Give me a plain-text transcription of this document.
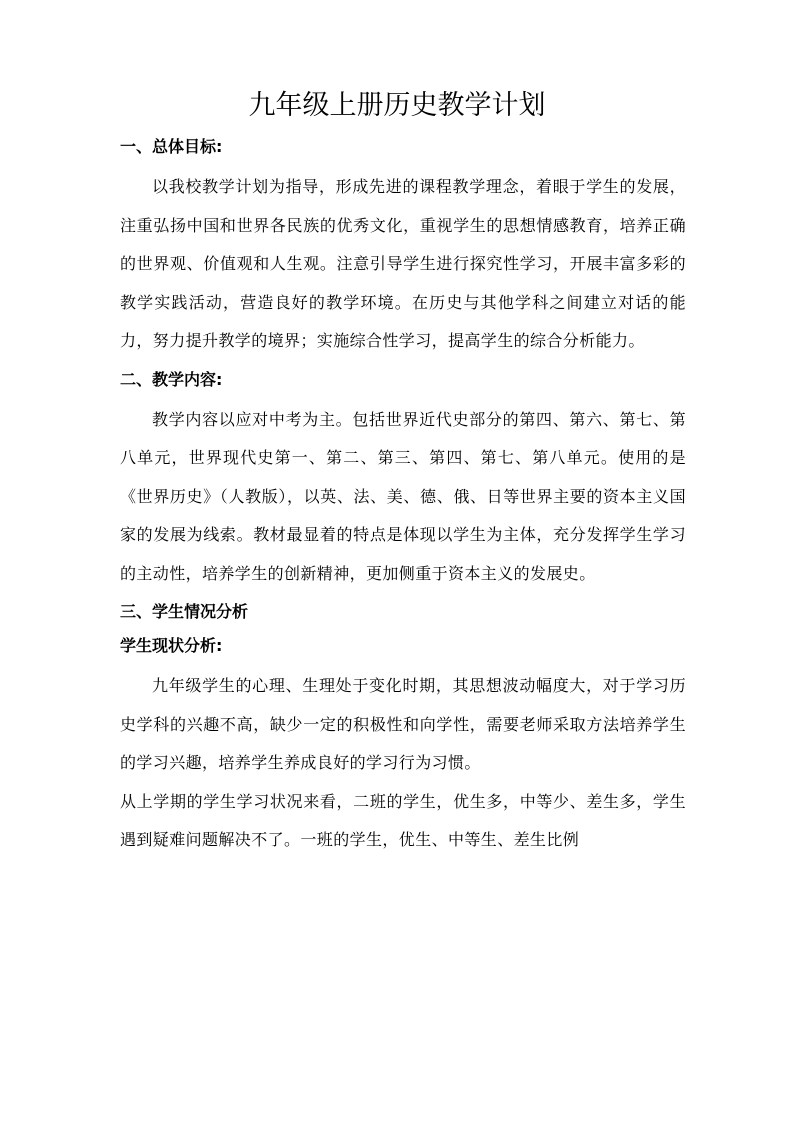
九年级上册历史教学计划
一、总体目标:

以我校教学计划为指导，形成先进的课程教学理念，着眼于学生的发展，注重弘扬中国和世界各民族的优秀文化，重视学生的思想情感教育，培养正确的世界观、价值观和人生观。注意引导学生进行探究性学习，开展丰富多彩的教学实践活动，营造良好的教学环境。在历史与其他学科之间建立对话的能力，努力提升教学的境界；实施综合性学习，提高学生的综合分析能力。

二、教学内容:

教学内容以应对中考为主。包括世界近代史部分的第四、第六、第七、第八单元，世界现代史第一、第二、第三、第四、第七、第八单元。使用的是《世界历史》（人教版），以英、法、美、德、俄、日等世界主要的资本主义国家的发展为线索。教材最显着的特点是体现以学生为主体，充分发挥学生学习的主动性，培养学生的创新精神，更加侧重于资本主义的发展史。

三、学生情况分析
学生现状分析:

九年级学生的心理、生理处于变化时期，其思想波动幅度大，对于学习历史学科的兴趣不高，缺少一定的积极性和向学性，需要老师采取方法培养学生的学习兴趣，培养学生养成良好的学习行为习惯。

从上学期的学生学习状况来看，二班的学生，优生多，中等少、差生多，学生遇到疑难问题解决不了。一班的学生，优生、中等生、差生比例
